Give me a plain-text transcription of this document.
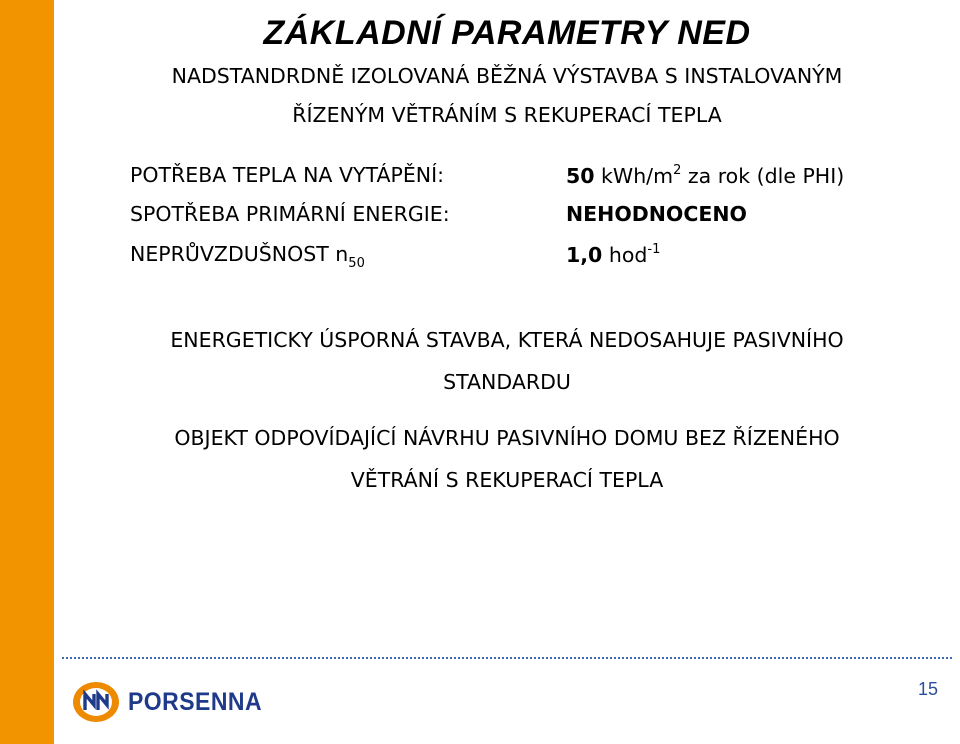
ZÁKLADNÍ PARAMETRY NED
NADSTANDRDNĚ IZOLOVANÁ BĚŽNÁ VÝSTAVBA S INSTALOVANÝM
ŘÍZENÝM VĚTRÁNÍM S REKUPERACÍ TEPLA
POTŘEBA TEPLA NA VYTÁPĚNÍ:	50 kWh/$m^2$ za rok (dle PHI)
SPOTŘEBA PRIMÁRNÍ ENERGIE:	NEHODNOCENO
NEPRŮVZDUŠNOST $n_{50}$	1,0 hod$^{-1}$
ENERGETICKY ÚSPORNÁ STAVBA, KTERÁ NEDOSAHUJE PASIVNÍHO
STANDARDU
OBJEKT ODPOVÍDAJÍCÍ NÁVRHU PASIVNÍHO DOMU BEZ ŘÍZENÉHO
VĚTRÁNÍ S REKUPERACÍ TEPLA
PORSENNA	15
